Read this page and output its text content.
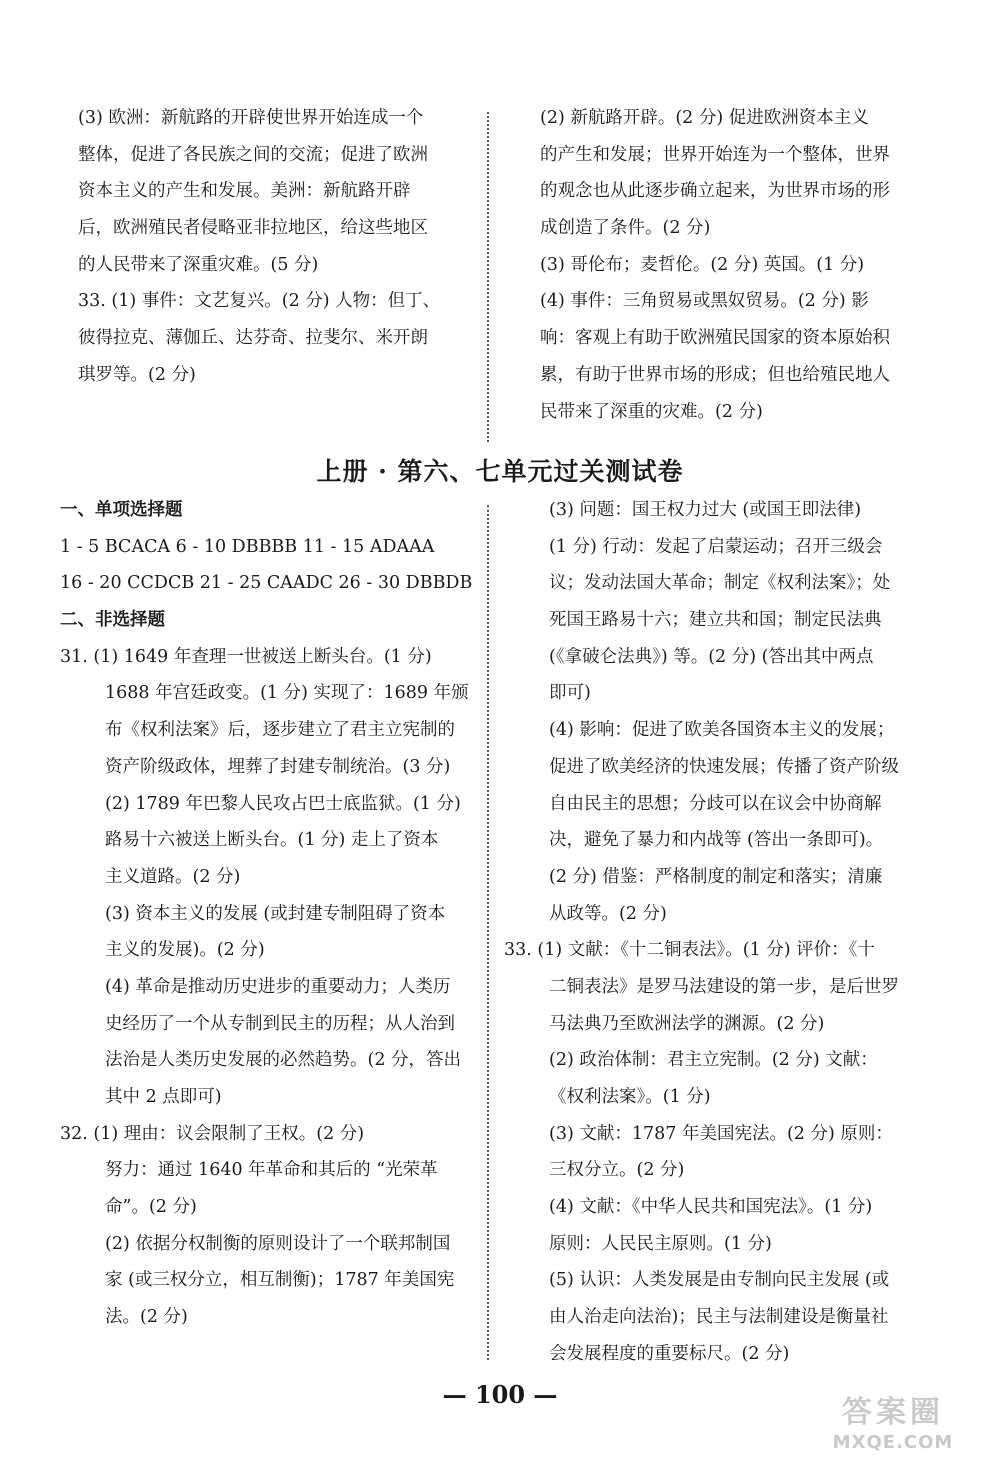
(3) 欧洲：新航路的开辟使世界开始连成一个
整体，促进了各民族之间的交流；促进了欧洲
资本主义的产生和发展。美洲：新航路开辟
后，欧洲殖民者侵略亚非拉地区，给这些地区
的人民带来了深重灾难。(5 分)
33. (1) 事件：文艺复兴。(2 分) 人物：但丁、
彼得拉克、薄伽丘、达芬奇、拉斐尔、米开朗
琪罗等。(2 分)
(2) 新航路开辟。(2 分) 促进欧洲资本主义
的产生和发展；世界开始连为一个整体，世界
的观念也从此逐步确立起来，为世界市场的形
成创造了条件。(2 分)
(3) 哥伦布；麦哲伦。(2 分) 英国。(1 分)
(4) 事件：三角贸易或黑奴贸易。(2 分) 影
响：客观上有助于欧洲殖民国家的资本原始积
累，有助于世界市场的形成；但也给殖民地人
民带来了深重的灾难。(2 分)
上册 · 第六、七单元过关测试卷
一、单项选择题
1 - 5 BCACA 6 - 10 DBBBB 11 - 15 ADAAA
16 - 20 CCDCB 21 - 25 CAADC 26 - 30 DBBDB
二、非选择题
31. (1) 1649 年查理一世被送上断头台。(1 分)
1688 年宫廷政变。(1 分) 实现了：1689 年颁
布《权利法案》后，逐步建立了君主立宪制的
资产阶级政体，埋葬了封建专制统治。(3 分)
(2) 1789 年巴黎人民攻占巴士底监狱。(1 分)
路易十六被送上断头台。(1 分) 走上了资本
主义道路。(2 分)
(3) 资本主义的发展 (或封建专制阻碍了资本
主义的发展)。(2 分)
(4) 革命是推动历史进步的重要动力；人类历
史经历了一个从专制到民主的历程；从人治到
法治是人类历史发展的必然趋势。(2 分，答出
其中 2 点即可)
32. (1) 理由：议会限制了王权。(2 分)
努力：通过 1640 年革命和其后的 “光荣革
命”。(2 分)
(2) 依据分权制衡的原则设计了一个联邦制国
家 (或三权分立，相互制衡)；1787 年美国宪
法。(2 分)
(3) 问题：国王权力过大 (或国王即法律)
(1 分) 行动：发起了启蒙运动；召开三级会
议；发动法国大革命；制定《权利法案》；处
死国王路易十六；建立共和国；制定民法典
(《拿破仑法典》) 等。(2 分) (答出其中两点
即可)
(4) 影响：促进了欧美各国资本主义的发展；
促进了欧美经济的快速发展；传播了资产阶级
自由民主的思想；分歧可以在议会中协商解
决，避免了暴力和内战等 (答出一条即可)。
(2 分) 借鉴：严格制度的制定和落实；清廉
从政等。(2 分)
33. (1) 文献：《十二铜表法》。(1 分) 评价：《十
二铜表法》是罗马法建设的第一步，是后世罗
马法典乃至欧洲法学的渊源。(2 分)
(2) 政治体制：君主立宪制。(2 分) 文献：
《权利法案》。(1 分)
(3) 文献：1787 年美国宪法。(2 分) 原则：
三权分立。(2 分)
(4) 文献：《中华人民共和国宪法》。(1 分)
原则：人民民主原则。(1 分)
(5) 认识：人类发展是由专制向民主发展 (或
由人治走向法治)；民主与法制建设是衡量社
会发展程度的重要标尺。(2 分)
— 100 —
答案圈
MXQE.COM
